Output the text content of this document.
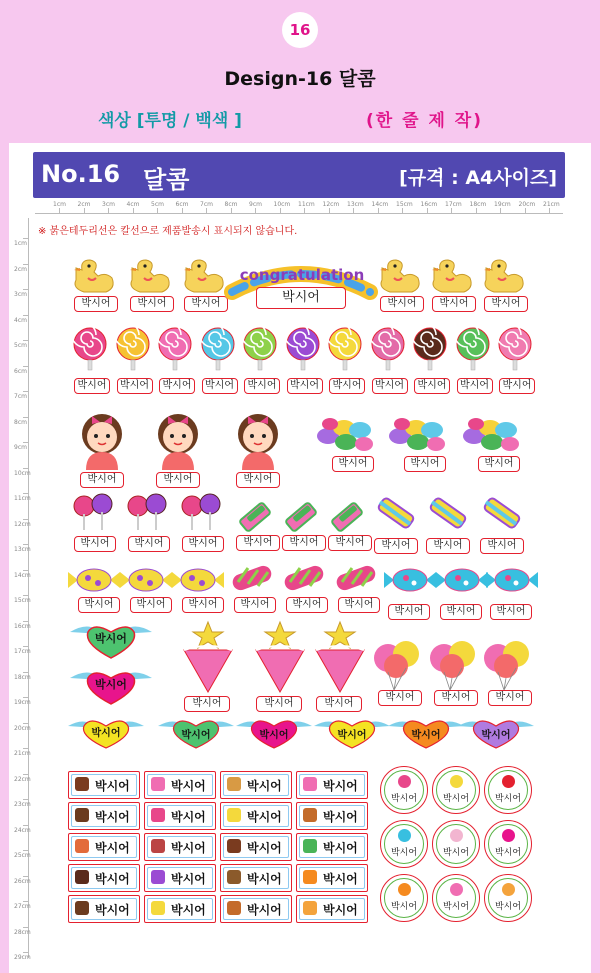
16
Design-16 달콤
색상 [투명 / 백색 ]	(한 줄 제 작)
No.16 달콤	[규격 : A4사이즈]
1cm 2cm 3cm 4cm 5cm 6cm 7cm 8cm 9cm 10cm 11cm 12cm 13cm 14cm 15cm 16cm 17cm 18cm 19cm 20cm 21cm
1cm
2cm
3cm
4cm
5cm
6cm
7cm
8cm
9cm
10cm
11cm
12cm
13cm
14cm
15cm
16cm
17cm
18cm
19cm
20cm
21cm
22cm
23cm
24cm
25cm
26cm
27cm
28cm
29cm
※ 붉은테두리선은 칼선으로 제품발송시 표시되지 않습니다.
박시어	박시어	박시어	박시어	박시어	박시어
congratulation
박시어
박시어	박시어	박시어	박시어	박시어	박시어	박시어	박시어	박시어	박시어	박시어
박시어	박시어	박시어
박시어	박시어	박시어
박시어	박시어	박시어	박시어	박시어	박시어	박시어	박시어	박시어
박시어	박시어	박시어	박시어	박시어	박시어
박시어	박시어	박시어
박시어
박시어
박시어	박시어	박시어
박시어	박시어	박시어
박시어	박시어	박시어	박시어	박시어	박시어
박시어	박시어	박시어	박시어
박시어	박시어	박시어	박시어
박시어	박시어	박시어	박시어
박시어	박시어	박시어	박시어
박시어	박시어	박시어	박시어
박시어	박시어	박시어
박시어	박시어	박시어
박시어	박시어	박시어
